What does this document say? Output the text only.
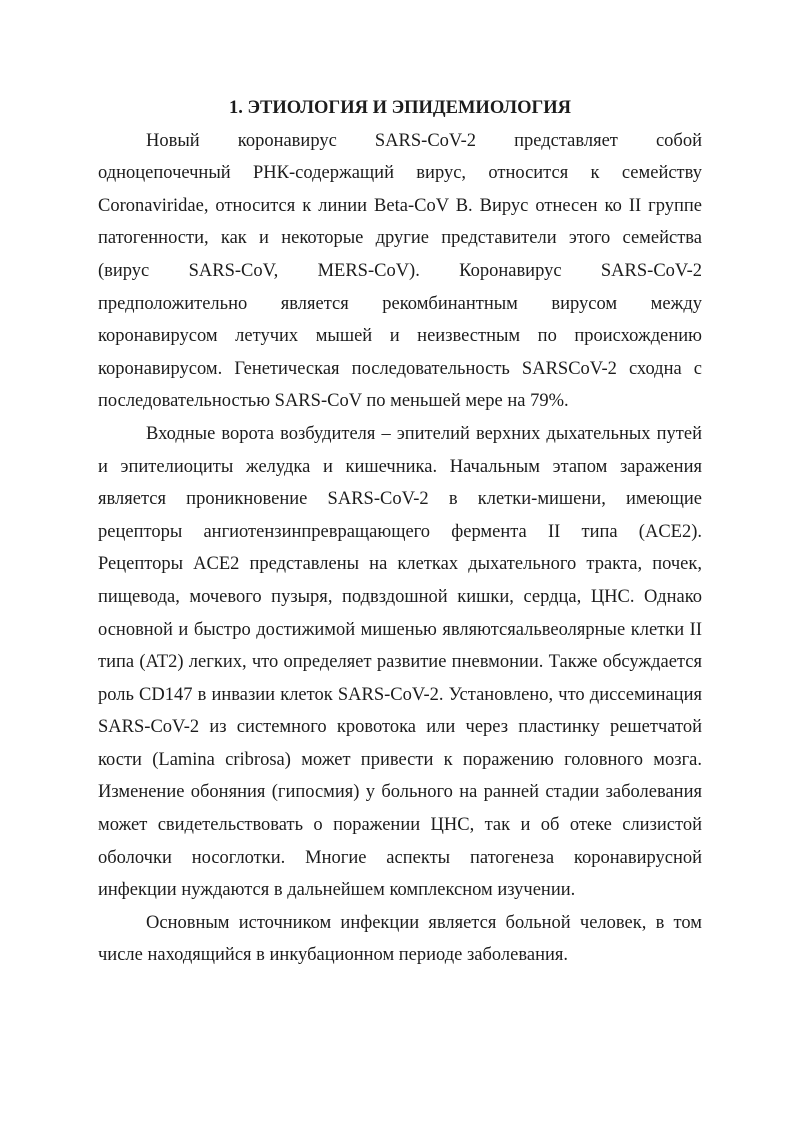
1. ЭТИОЛОГИЯ И ЭПИДЕМИОЛОГИЯ

Новый коронавирус SARS-CoV-2 представляет собой одноцепочечный РНК-содержащий вирус, относится к семейству Coronaviridae, относится к линии Beta-CoV B. Вирус отнесен ко II группе патогенности, как и некоторые другие представители этого семейства (вирус SARS-CoV, MERS-CoV). Коронавирус SARS-CoV-2 предположительно является рекомбинантным вирусом между коронавирусом летучих мышей и неизвестным по происхождению коронавирусом. Генетическая последовательность SARSCoV-2 сходна с последовательностью SARS-CoV по меньшей мере на 79%.

Входные ворота возбудителя – эпителий верхних дыхательных путей и эпителиоциты желудка и кишечника. Начальным этапом заражения является проникновение SARS-CoV-2 в клетки-мишени, имеющие рецепторы ангиотензинпревращающего фермента II типа (ACE2). Рецепторы ACE2 представлены на клетках дыхательного тракта, почек, пищевода, мочевого пузыря, подвздошной кишки, сердца, ЦНС. Однако основной и быстро достижимой мишенью являютсяальвеолярные клетки II типа (AT2) легких, что определяет развитие пневмонии. Также обсуждается роль CD147 в инвазии клеток SARS-CoV-2. Установлено, что диссеминация SARS-CoV-2 из системного кровотока или через пластинку решетчатой кости (Lamina cribrosa) может привести к поражению головного мозга. Изменение обоняния (гипосмия) у больного на ранней стадии заболевания может свидетельствовать о поражении ЦНС, так и об отеке слизистой оболочки носоглотки. Многие аспекты патогенеза коронавирусной инфекции нуждаются в дальнейшем комплексном изучении.

Основным источником инфекции является больной человек, в том числе находящийся в инкубационном периоде заболевания.
